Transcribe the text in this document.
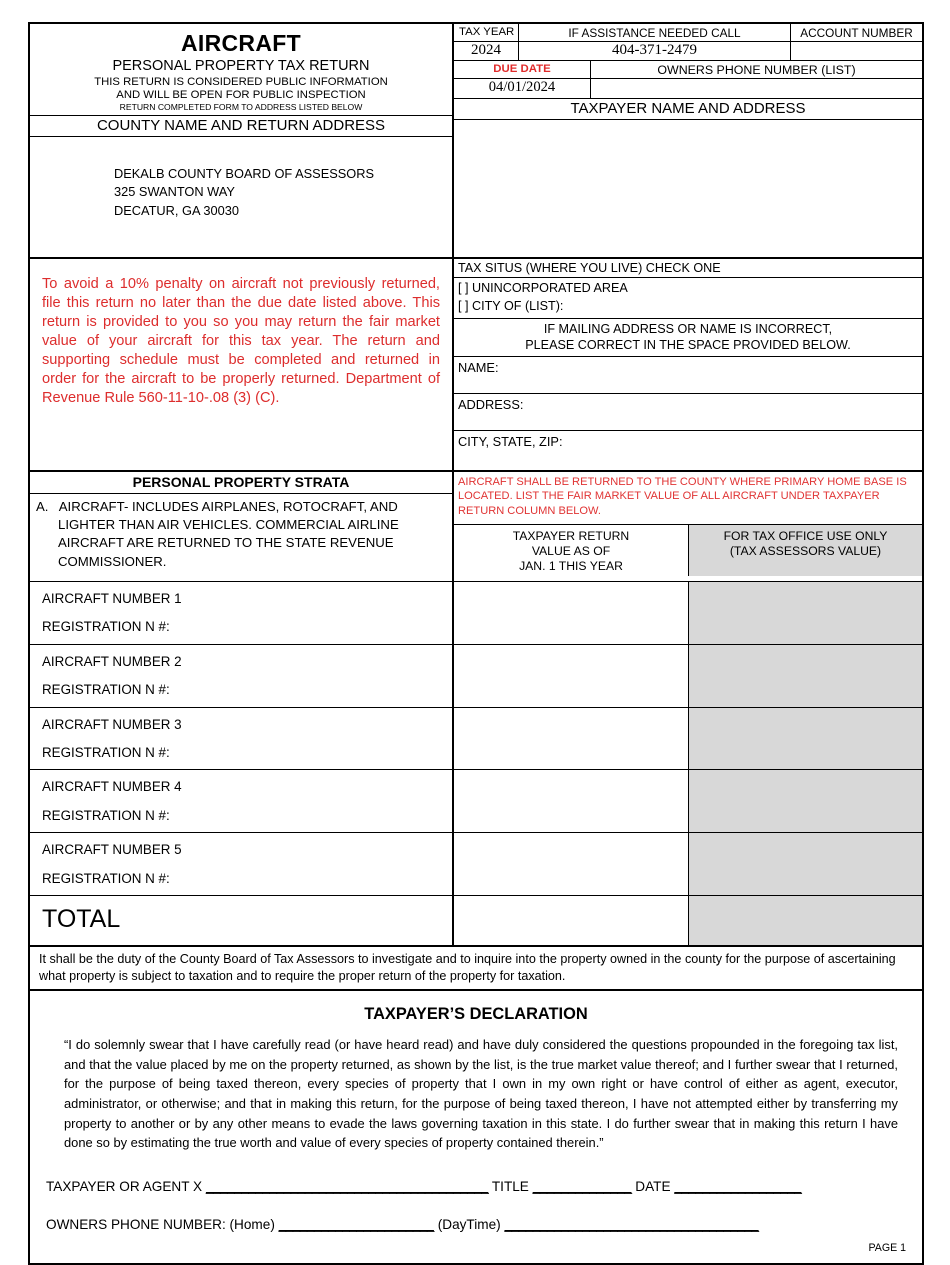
AIRCRAFT
PERSONAL PROPERTY TAX RETURN
THIS RETURN IS CONSIDERED PUBLIC INFORMATION
AND WILL BE OPEN FOR PUBLIC INSPECTION
RETURN COMPLETED FORM TO ADDRESS LISTED BELOW
COUNTY NAME AND RETURN ADDRESS
DEKALB COUNTY BOARD OF ASSESSORS
325 SWANTON WAY
DECATUR, GA 30030
TAX YEAR	IF ASSISTANCE NEEDED CALL	ACCOUNT NUMBER
2024	404-371-2479
DUE DATE	OWNERS PHONE NUMBER (LIST)
04/01/2024
TAXPAYER NAME AND ADDRESS
To avoid a 10% penalty on aircraft not previously returned, file this return no later than the due date listed above. This return is provided to you so you may return the fair market value of your aircraft for this tax year. The return and supporting schedule must be completed and returned in order for the aircraft to be properly returned. Department of Revenue Rule 560-11-10-.08 (3) (C).
TAX SITUS (WHERE YOU LIVE) CHECK ONE
[ ] UNINCORPORATED AREA
[ ] CITY OF (LIST):
IF MAILING ADDRESS OR NAME IS INCORRECT,
PLEASE CORRECT IN THE SPACE PROVIDED BELOW.
NAME:
ADDRESS:
CITY, STATE, ZIP:
PERSONAL PROPERTY STRATA
A. AIRCRAFT- INCLUDES AIRPLANES, ROTOCRAFT, AND LIGHTER THAN AIR VEHICLES. COMMERCIAL AIRLINE AIRCRAFT ARE RETURNED TO THE STATE REVENUE COMMISSIONER.
AIRCRAFT SHALL BE RETURNED TO THE COUNTY WHERE PRIMARY HOME BASE IS LOCATED. LIST THE FAIR MARKET VALUE OF ALL AIRCRAFT UNDER TAXPAYER RETURN COLUMN BELOW.
TAXPAYER RETURN
VALUE AS OF
JAN. 1 THIS YEAR
FOR TAX OFFICE USE ONLY
(TAX ASSESSORS VALUE)
AIRCRAFT NUMBER 1
REGISTRATION N #:
AIRCRAFT NUMBER 2
REGISTRATION N #:
AIRCRAFT NUMBER 3
REGISTRATION N #:
AIRCRAFT NUMBER 4
REGISTRATION N #:
AIRCRAFT NUMBER 5
REGISTRATION N #:
TOTAL
It shall be the duty of the County Board of Tax Assessors to investigate and to inquire into the property owned in the county for the purpose of ascertaining what property is subject to taxation and to require the proper return of the property for taxation.
TAXPAYER’S DECLARATION
“I do solemnly swear that I have carefully read (or have heard read) and have duly considered the questions propounded in the foregoing tax list, and that the value placed by me on the property returned, as shown by the list, is the true market value thereof; and I further swear that I returned, for the purpose of being taxed thereon, every species of property that I own in my own right or have control of either as agent, executor, administrator, or otherwise; and that in making this return, for the purpose of being taxed thereon, I have not attempted either by transferring my property to another or by any other means to evade the laws governing taxation in this state. I do further swear that in making this return I have done so by estimating the true worth and value of every species of property contained therein.”
TAXPAYER OR AGENT X ________________________________________ TITLE ______________ DATE __________________
OWNERS PHONE NUMBER: (Home) ______________________ (DayTime) ____________________________________
PAGE 1
